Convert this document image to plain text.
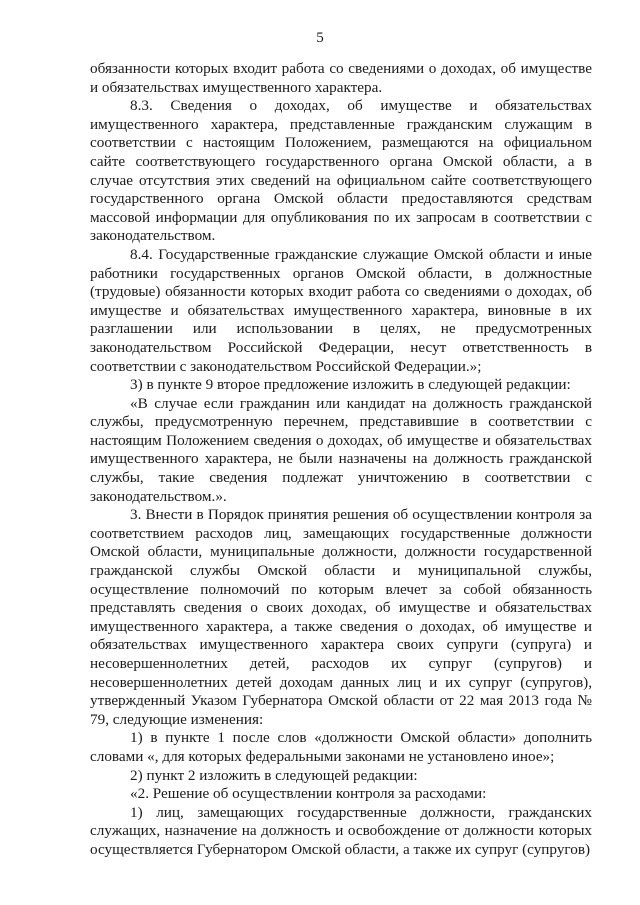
5

обязанности которых входит работа со сведениями о доходах, об имуществе и обязательствах имущественного характера.

8.3. Сведения о доходах, об имуществе и обязательствах имущественного характера, представленные гражданским служащим в соответствии с настоящим Положением, размещаются на официальном сайте соответствующего государственного органа Омской области, а в случае отсутствия этих сведений на официальном сайте соответствующего государственного органа Омской области предоставляются средствам массовой информации для опубликования по их запросам в соответствии с законодательством.

8.4. Государственные гражданские служащие Омской области и иные работники государственных органов Омской области, в должностные (трудовые) обязанности которых входит работа со сведениями о доходах, об имуществе и обязательствах имущественного характера, виновные в их разглашении или использовании в целях, не предусмотренных законодательством Российской Федерации, несут ответственность в соответствии с законодательством Российской Федерации.»;

3) в пункте 9 второе предложение изложить в следующей редакции:

«В случае если гражданин или кандидат на должность гражданской службы, предусмотренную перечнем, представившие в соответствии с настоящим Положением сведения о доходах, об имуществе и обязательствах имущественного характера, не были назначены на должность гражданской службы, такие сведения подлежат уничтожению в соответствии с законодательством.».

3. Внести в Порядок принятия решения об осуществлении контроля за соответствием расходов лиц, замещающих государственные должности Омской области, муниципальные должности, должности государственной гражданской службы Омской области и муниципальной службы, осуществление полномочий по которым влечет за собой обязанность представлять сведения о своих доходах, об имуществе и обязательствах имущественного характера, а также сведения о доходах, об имуществе и обязательствах имущественного характера своих супруги (супруга) и несовершеннолетних детей, расходов их супруг (супругов) и несовершеннолетних детей доходам данных лиц и их супруг (супругов), утвержденный Указом Губернатора Омской области от 22 мая 2013 года № 79, следующие изменения:

1) в пункте 1 после слов «должности Омской области» дополнить словами «, для которых федеральными законами не установлено иное»;

2) пункт 2 изложить в следующей редакции:

«2. Решение об осуществлении контроля за расходами:

1) лиц, замещающих государственные должности, гражданских служащих, назначение на должность и освобождение от должности которых осуществляется Губернатором Омской области, а также их супруг (супругов)
